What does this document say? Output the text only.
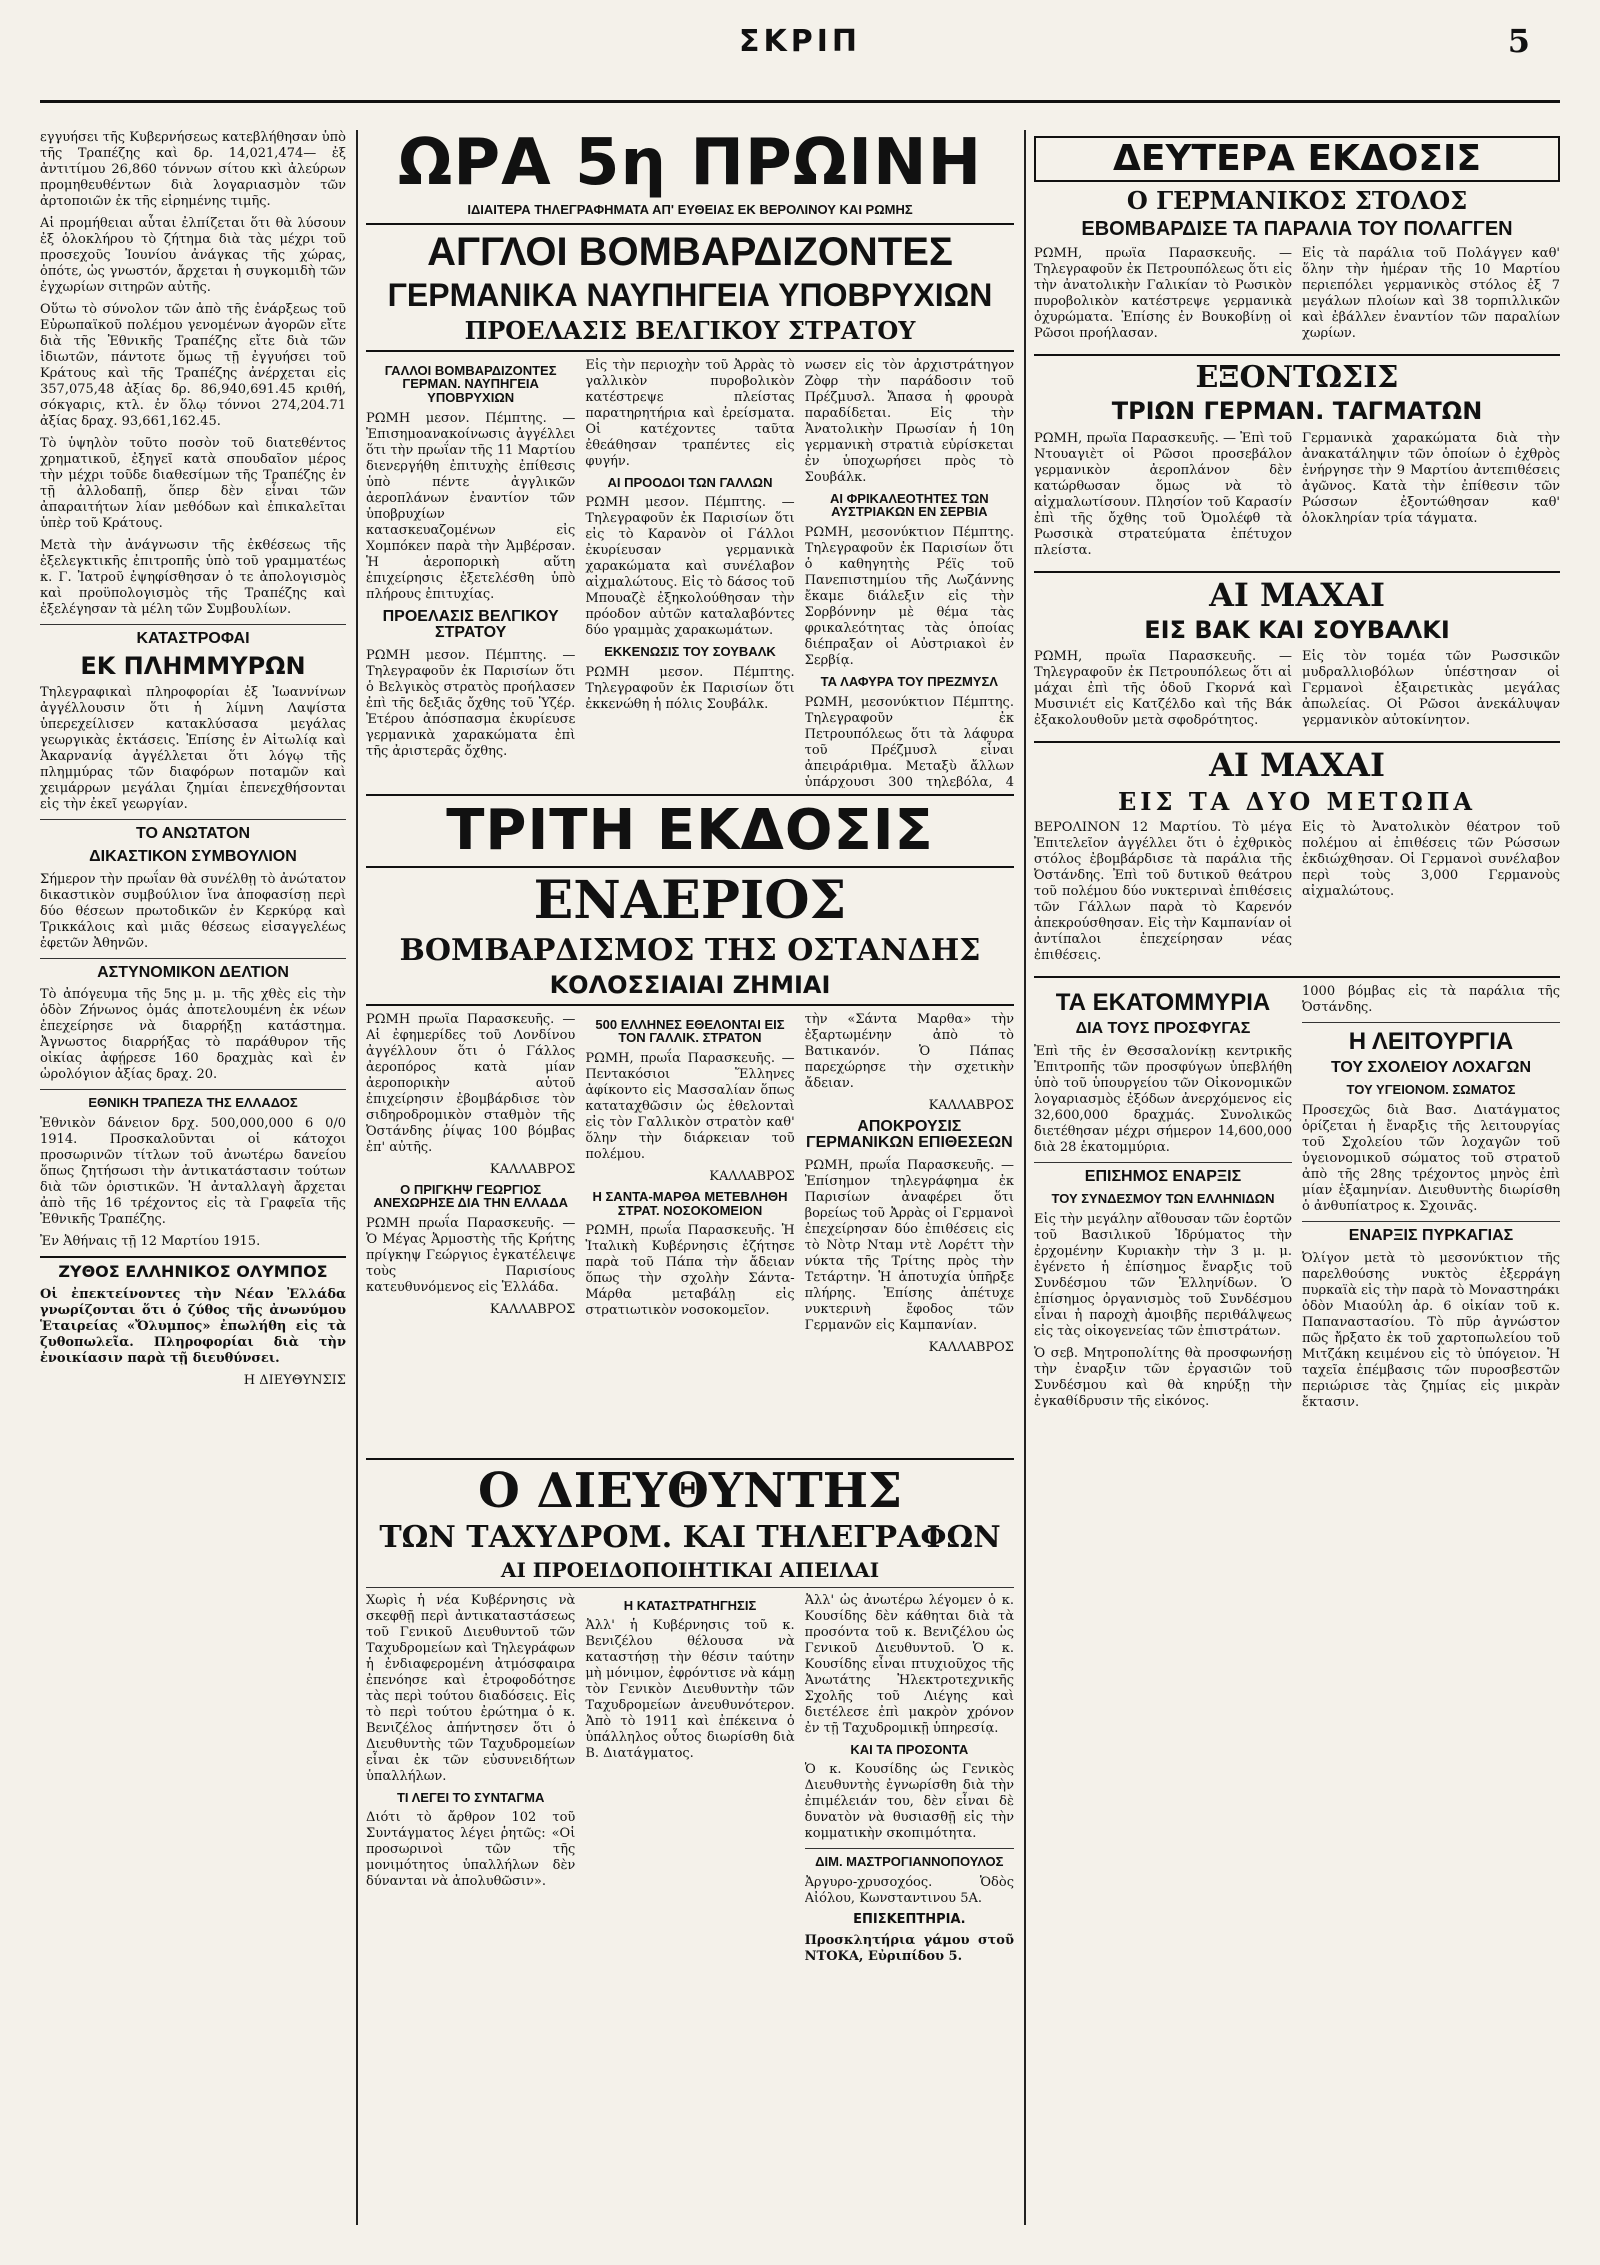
ΣΚΡΙΠ	5

εγγυήσει τῆς Κυβερνήσεως κατεβλήθησαν ὑπὸ τῆς Τραπέζης καὶ δρ. 14,021,474— ἐξ ἀντιτίμου 26,860 τόννων σίτου κκὶ ἀλεύρων προμηθευθέντων διὰ λογαριασμὸν τῶν ἀρτοποιῶν ἐκ τῆς εἰρημένης τιμῆς.

Αἱ προμήθειαι αὗται ἐλπίζεται ὅτι θὰ λύσουν ἐξ ὁλοκλήρου τὸ ζήτημα διὰ τὰς μέχρι τοῦ προσεχοῦς Ἰουνίου ἀνάγκας τῆς χώρας, ὁπότε, ὡς γνωστόν, ἄρχεται ἡ συγκομιδὴ τῶν ἐγχωρίων σιτηρῶν αὐτῆς.

Οὕτω τὸ σύνολον τῶν ἀπὸ τῆς ἐνάρξεως τοῦ Εὐρωπαϊκοῦ πολέμου γενομένων ἀγορῶν εἴτε διὰ τῆς Ἐθνικῆς Τραπέζης εἴτε διὰ τῶν ἰδιωτῶν, πάντοτε ὅμως τῇ ἐγγυήσει τοῦ Κράτους καὶ τῆς Τραπέζης ἀνέρχεται εἰς 357,075,48 ἀξίας δρ. 86,940,691.45 κριθή, σόκγαρις, κτλ. ἐν ὅλῳ τόννοι 274,204.71 ἀξίας δραχ. 93,661,162.45.

Τὸ ὑψηλὸν τοῦτο ποσὸν τοῦ διατεθέντος χρηματικοῦ, ἐξηγεῖ κατὰ σπουδαῖον μέρος τὴν μέχρι τοῦδε διαθεσίμων τῆς Τραπέζης ἐν τῇ ἀλλοδαπῇ, ὅπερ δὲν εἶναι τῶν ἀπαραιτήτων λίαν μεθόδων καὶ ἐπικαλεῖται ὑπὲρ τοῦ Κράτους.

Μετὰ τὴν ἀνάγνωσιν τῆς ἐκθέσεως τῆς ἐξελεγκτικῆς ἐπιτροπῆς ὑπὸ τοῦ γραμματέως κ. Γ. Ἰατροῦ ἐψηφίσθησαν ὁ τε ἀπολογισμὸς καὶ προϋπολογισμὸς τῆς Τραπέζης καὶ ἐξελέγησαν τὰ μέλη τῶν Συμβουλίων.

ΚΑΤΑΣΤΡΟΦΑΙ
ΕΚ ΠΛΗΜΜΥΡΩΝ

Τηλεγραφικαὶ πληροφορίαι ἐξ Ἰωαννίνων ἀγγέλλουσιν ὅτι ἡ λίμνη Λαψίστα ὑπερεχείλισεν κατακλύσασα μεγάλας γεωργικὰς ἐκτάσεις. Ἐπίσης ἐν Αἰτωλίᾳ καὶ Ἀκαρνανίᾳ ἀγγέλλεται ὅτι λόγῳ τῆς πλημμύρας τῶν διαφόρων ποταμῶν καὶ χειμάρρων μεγάλαι ζημίαι ἐπενεχθήσονται εἰς τὴν ἐκεῖ γεωργίαν.

ΤΟ ΑΝΩΤΑΤΟΝ
ΔΙΚΑΣΤΙΚΟΝ ΣΥΜΒΟΥΛΙΟΝ

Σήμερον τὴν πρωΐαν θὰ συνέλθῃ τὸ ἀνώτατον δικαστικὸν συμβούλιον ἵνα ἀποφασίσῃ περὶ δύο θέσεων πρωτοδικῶν ἐν Κερκύρᾳ καὶ Τρικκάλοις καὶ μιᾶς θέσεως εἰσαγγελέως ἐφετῶν Ἀθηνῶν.

ΑΣΤΥΝΟΜΙΚΟΝ ΔΕΛΤΙΟΝ

Τὸ ἀπόγευμα τῆς 5ης μ. μ. τῆς χθὲς εἰς τὴν ὁδὸν Ζήνωνος ὁμάς ἀποτελουμένη ἐκ νέων ἐπεχείρησε νὰ διαρρήξῃ κατάστημα. Ἀγνωστος διαρρήξας τὸ παράθυρον τῆς οἰκίας ἀφῄρεσε 160 δραχμὰς καὶ ἐν ὡρολόγιον ἀξίας δραχ. 20.

ΕΘΝΙΚΗ ΤΡΑΠΕΖΑ ΤΗΣ ΕΛΛΑΔΟΣ

Ἐθνικὸν δάνειον δρχ. 500,000,000 6 0/0 1914. Προσκαλοῦνται οἱ κάτοχοι προσωρινῶν τίτλων τοῦ ἀνωτέρω δανείου ὅπως ζητήσωσι τὴν ἀντικατάστασιν τούτων διὰ τῶν ὁριστικῶν. Ἡ ἀνταλλαγὴ ἄρχεται ἀπὸ τῆς 16 τρέχοντος εἰς τὰ Γραφεῖα τῆς Ἐθνικῆς Τραπέζης.

Ἐν Ἀθήναις τῇ 12 Μαρτίου 1915.

ΖΥΘΟΣ ΕΛΛΗΝΙΚΟΣ ΟΛΥΜΠΟΣ

Οἱ ἐπεκτείνοντες τὴν Νέαν Ἐλλάδα γνωρίζονται ὅτι ὁ ζύθος τῆς ἀνωνύμου Ἑταιρείας «Ὄλυμπος» ἐπωλήθη εἰς τὰ ζυθοπωλεῖα. Πληροφορίαι διὰ τὴν ἐνοικίασιν παρὰ τῇ διευθύνσει.

Η ΔΙΕΥΘΥΝΣΙΣ
ΩΡΑ 5η ΠΡΩΙΝΗ
ΙΔΙΑΙΤΕΡΑ ΤΗΛΕΓΡΑΦΗΜΑΤΑ ΑΠ' ΕΥΘΕΙΑΣ ΕΚ ΒΕΡΟΛΙΝΟΥ ΚΑΙ ΡΩΜΗΣ
ΑΓΓΛΟΙ ΒΟΜΒΑΡΔΙΖΟΝΤΕΣ
ΓΕΡΜΑΝΙΚΑ ΝΑΥΠΗΓΕΙΑ ΥΠΟΒΡΥΧΙΩΝ
ΠΡΟΕΛΑΣΙΣ ΒΕΛΓΙΚΟΥ ΣΤΡΑΤΟΥ
ΓΑΛΛΟΙ ΒΟΜΒΑΡΔΙΖΟΝΤΕΣ ΓΕΡΜΑΝ. ΝΑΥΠΗΓΕΙΑ ΥΠΟΒΡΥΧΙΩΝ

ΡΩΜΗ μεσον. Πέμπτης. — Ἐπισημοανακοίνωσις ἀγγέλλει ὅτι τὴν πρωΐαν τῆς 11 Μαρτίου διενεργήθη ἐπιτυχὴς ἐπίθεσις ὑπὸ πέντε ἀγγλικῶν ἀεροπλάνων ἐναντίον τῶν ὑποβρυχίων κατασκευαζομένων εἰς Χομπόκεν παρὰ τὴν Ἀμβέρσαν. Ἡ ἀεροπορικὴ αὕτη ἐπιχείρησις ἐξετελέσθη ὑπὸ πλήρους ἐπιτυχίας.

ΠΡΟΕΛΑΣΙΣ ΒΕΛΓΙΚΟΥ ΣΤΡΑΤΟΥ

ΡΩΜΗ μεσον. Πέμπτης. — Τηλεγραφοῦν ἐκ Παρισίων ὅτι ὁ Βελγικὸς στρατὸς προήλασεν ἐπὶ τῆς δεξιᾶς ὄχθης τοῦ Ὑζέρ. Ἑτέρου ἀπόσπασμα ἐκυρίευσε γερμανικὰ χαρακώματα ἐπὶ τῆς ἀριστερᾶς ὄχθης.

Εἰς τὴν περιοχὴν τοῦ Ἀρρὰς τὸ γαλλικὸν πυροβολικὸν κατέστρεψε πλείστας παρατηρητήρια καὶ ἐρείσματα. Οἱ κατέχοντες ταῦτα ἐθεάθησαν τραπέντες εἰς φυγήν.

ΑΙ ΠΡΟΟΔΟΙ ΤΩΝ ΓΑΛΛΩΝ

ΡΩΜΗ μεσον. Πέμπτης. — Τηλεγραφοῦν ἐκ Παρισίων ὅτι εἰς τὸ Καρανὸν οἱ Γάλλοι ἐκυρίευσαν γερμανικὰ χαρακώματα καὶ συνέλαβον αἰχμαλώτους. Εἰς τὸ δάσος τοῦ Μπουαζὲ ἐξηκολούθησαν τὴν πρόοδον αὐτῶν καταλαβόντες δύο γραμμὰς χαρακωμάτων.

ΕΚΚΕΝΩΣΙΣ ΤΟΥ ΣΟΥΒΑΛΚ

ΡΩΜΗ μεσον. Πέμπτης. Τηλεγραφοῦν ἐκ Παρισίων ὅτι ἐκκενώθη ἡ πόλις Σουβάλκ.

νωσεν εἰς τὸν ἀρχιστράτηγον Ζὸφρ τὴν παράδοσιν τοῦ Πρέζμυσλ. Ἄπασα ἡ φρουρὰ παραδίδεται. Εἰς τὴν Ἀνατολικὴν Πρωσίαν ἡ 10η γερμανικὴ στρατιὰ εὑρίσκεται ἐν ὑποχωρήσει πρὸς τὸ Σουβάλκ.

ΑΙ ΦΡΙΚΑΛΕΟΤΗΤΕΣ ΤΩΝ ΑΥΣΤΡΙΑΚΩΝ ΕΝ ΣΕΡΒΙΑ

ΡΩΜΗ, μεσονύκτιον Πέμπτης. Τηλεγραφοῦν ἐκ Παρισίων ὅτι ὁ καθηγητὴς Ρέϊς τοῦ Πανεπιστημίου τῆς Λωζάννης ἔκαμε διάλεξιν εἰς τὴν Σορβόννην μὲ θέμα τὰς φρικαλεότητας τὰς ὁποίας διέπραξαν οἱ Αὐστριακοὶ ἐν Σερβίᾳ.

ΤΑ ΛΑΦΥΡΑ ΤΟΥ ΠΡΕΖΜΥΣΛ

ΡΩΜΗ, μεσονύκτιον Πέμπτης. Τηλεγραφοῦν ἐκ Πετρουπόλεως ὅτι τὰ λάφυρα τοῦ Πρέζμυσλ εἶναι ἀπειράριθμα. Μεταξὺ ἄλλων ὑπάρχουσι 300 τηλεβόλα, 4

ΤΡΙΤΗ ΕΚΔΟΣΙΣ
ΕΝΑΕΡΙΟΣ
ΒΟΜΒΑΡΔΙΣΜΟΣ ΤΗΣ ΟΣΤΑΝΔΗΣ
ΚΟΛΟΣΣΙΑΙΑΙ ΖΗΜΙΑΙ

ΡΩΜΗ πρωΐα Παρασκευῆς. — Αἱ ἐφημερίδες τοῦ Λονδίνου ἀγγέλλουν ὅτι ὁ Γάλλος ἀεροπόρος κατὰ μίαν ἀεροπορικὴν αὐτοῦ ἐπιχείρησιν ἐβομβάρδισε τὸν σιδηροδρομικὸν σταθμὸν τῆς Ὀστάνδης ῥίψας 100 βόμβας ἐπ' αὐτῆς.

ΚΑΛΛΑΒΡΟΣ
Ο ΠΡΙΓΚΗΨ ΓΕΩΡΓΙΟΣ ΑΝΕΧΩΡΗΣΕ ΔΙΑ ΤΗΝ ΕΛΛΑΔΑ

ΡΩΜΗ πρωΐα Παρασκευῆς. — Ὁ Μέγας Ἀρμοστὴς τῆς Κρήτης πρίγκηψ Γεώργιος ἐγκατέλειψε τοὺς Παρισίους κατευθυνόμενος εἰς Ἑλλάδα.

ΚΑΛΛΑΒΡΟΣ
500 ΕΛΛΗΝΕΣ ΕΘΕΛΟΝΤΑΙ ΕΙΣ ΤΟΝ ΓΑΛΛΙΚ. ΣΤΡΑΤΟΝ

ΡΩΜΗ, πρωΐα Παρασκευῆς. — Πεντακόσιοι Ἕλληνες ἀφίκοντο εἰς Μασσαλίαν ὅπως καταταχθῶσιν ὡς ἐθελονταὶ εἰς τὸν Γαλλικὸν στρατὸν καθ' ὅλην τὴν διάρκειαν τοῦ πολέμου.

ΚΑΛΛΑΒΡΟΣ
Η ΣΑΝΤΑ-ΜΑΡΘΑ ΜΕΤΕΒΛΗΘΗ ΣΤΡΑΤ. ΝΟΣΟΚΟΜΕΙΟΝ

ΡΩΜΗ, πρωΐα Παρασκευῆς. Ἡ Ἰταλικὴ Κυβέρνησις ἐζήτησε παρὰ τοῦ Πάπα τὴν ἄδειαν ὅπως τὴν σχολὴν Σάντα-Μάρθα μεταβάλῃ εἰς στρατιωτικὸν νοσοκομεῖον.

τὴν «Σάντα Μαρθα» τὴν ἐξαρτωμένην ἀπὸ τὸ Βατικανόν. Ὁ Πάπας παρεχώρησε τὴν σχετικὴν ἄδειαν.

ΚΑΛΛΑΒΡΟΣ
ΑΠΟΚΡΟΥΣΙΣ ΓΕΡΜΑΝΙΚΩΝ ΕΠΙΘΕΣΕΩΝ

ΡΩΜΗ, πρωΐα Παρασκευῆς. — Ἐπίσημον τηλεγράφημα ἐκ Παρισίων ἀναφέρει ὅτι βορείως τοῦ Ἀρρὰς οἱ Γερμανοὶ ἐπεχείρησαν δύο ἐπιθέσεις εἰς τὸ Νὸτρ Νταμ ντὲ Λορέττ τὴν νύκτα τῆς Τρίτης πρὸς τὴν Τετάρτην. Ἡ ἀποτυχία ὑπῆρξε πλήρης. Ἐπίσης ἀπέτυχε νυκτερινὴ ἔφοδος τῶν Γερμανῶν εἰς Καμπανίαν.

ΚΑΛΛΑΒΡΟΣ
Ο ΔΙΕΥΘΥΝΤΗΣ
ΤΩΝ ΤΑΧΥΔΡΟΜ. ΚΑΙ ΤΗΛΕΓΡΑΦΩΝ
ΑΙ ΠΡΟΕΙΔΟΠΟΙΗΤΙΚΑΙ ΑΠΕΙΛΑΙ

Χωρὶς ἡ νέα Κυβέρνησις νὰ σκεφθῇ περὶ ἀντικαταστάσεως τοῦ Γενικοῦ Διευθυντοῦ τῶν Ταχυδρομείων καὶ Τηλεγράφων ἡ ἐνδιαφερομένη ἀτμόσφαιρα ἐπενόησε καὶ ἐτροφοδότησε τὰς περὶ τούτου διαδόσεις. Εἰς τὸ περὶ τούτου ἐρώτημα ὁ κ. Βενιζέλος ἀπήντησεν ὅτι ὁ Διευθυντὴς τῶν Ταχυδρομείων εἶναι ἐκ τῶν εὐσυνειδήτων ὑπαλλήλων.

ΤΙ ΛΕΓΕΙ ΤΟ ΣΥΝΤΑΓΜΑ

Διότι τὸ ἄρθρον 102 τοῦ Συντάγματος λέγει ῥητῶς: «Οἱ προσωρινοὶ τῶν τῆς μονιμότητος ὑπαλλήλων δὲν δύνανται νὰ ἀπολυθῶσιν».

Η ΚΑΤΑΣΤΡΑΤΗΓΗΣΙΣ

Ἀλλ' ἡ Κυβέρνησις τοῦ κ. Βενιζέλου θέλουσα νὰ καταστήσῃ τὴν θέσιν ταύτην μὴ μόνιμον, ἐφρόντισε νὰ κάμῃ τὸν Γενικὸν Διευθυντὴν τῶν Ταχυδρομείων ἀνευθυνότερον. Ἀπὸ τὸ 1911 καὶ ἐπέκεινα ὁ ὑπάλληλος οὗτος διωρίσθη διὰ Β. Διατάγματος.

Ἀλλ' ὡς ἀνωτέρω λέγομεν ὁ κ. Κουσίδης δὲν κάθηται διὰ τὰ προσόντα τοῦ κ. Βενιζέλου ὡς Γενικοῦ Διευθυντοῦ. Ὁ κ. Κουσίδης εἶναι πτυχιοῦχος τῆς Ἀνωτάτης Ἠλεκτροτεχνικῆς Σχολῆς τοῦ Λιέγης καὶ διετέλεσε ἐπὶ μακρὸν χρόνον ἐν τῇ Ταχυδρομικῇ ὑπηρεσίᾳ.

ΚΑΙ ΤΑ ΠΡΟΣΟΝΤΑ

Ὁ κ. Κουσίδης ὡς Γενικὸς Διευθυντὴς ἐγνωρίσθη διὰ τὴν ἐπιμέλειάν του, δὲν εἶναι δὲ δυνατὸν νὰ θυσιασθῇ εἰς τὴν κομματικὴν σκοπιμότητα.

ΔΙΜ. ΜΑΣΤΡΟΓΙΑΝΝΟΠΟΥΛΟΣ

Ἀργυρο-χρυσοχόος. Ὁδὸς Αἰόλου, Κωνσταντινου 5Α.

ΕΠΙΣΚΕΠΤΗΡΙΑ.

Προσκλητήρια γάμου στοῦ ΝΤΟΚΑ, Εὐριπίδου 5.

ΔΕΥΤΕΡΑ ΕΚΔΟΣΙΣ
Ο ΓΕΡΜΑΝΙΚΟΣ ΣΤΟΛΟΣ
ΕΒΟΜΒΑΡΔΙΣΕ ΤΑ ΠΑΡΑΛΙΑ ΤΟΥ ΠΟΛΑΓΓΕΝ

ΡΩΜΗ, πρωΐα Παρασκευῆς. — Τηλεγραφοῦν ἐκ Πετρουπόλεως ὅτι εἰς τὴν ἀνατολικὴν Γαλικίαν τὸ Ρωσικὸν πυροβολικὸν κατέστρεψε γερμανικὰ ὀχυρώματα. Ἐπίσης ἐν Βουκοβίνῃ οἱ Ρῶσοι προήλασαν.

Εἰς τὰ παράλια τοῦ Πολάγγεν καθ' ὅλην τὴν ἡμέραν τῆς 10 Μαρτίου περιεπόλει γερμανικὸς στόλος ἐξ 7 μεγάλων πλοίων καὶ 38 τορπιλλικῶν καὶ ἐβάλλεν ἐναντίον τῶν παραλίων χωρίων.

ΕΞΟΝΤΩΣΙΣ
ΤΡΙΩΝ ΓΕΡΜΑΝ. ΤΑΓΜΑΤΩΝ

ΡΩΜΗ, πρωΐα Παρασκευῆς. — Ἐπὶ τοῦ Ντουαγιὲτ οἱ Ρῶσοι προσεβάλον γερμανικὸν ἀεροπλάνον δὲν κατώρθωσαν ὅμως νὰ τὸ αἰχμαλωτίσουν. Πλησίον τοῦ Καρασίν ἐπὶ τῆς ὄχθης τοῦ Ὀμολέφθ τὰ Ρωσσικὰ στρατεύματα ἐπέτυχον πλείστα.

Γερμανικὰ χαρακώματα διὰ τὴν ἀνακατάληψιν τῶν ὁποίων ὁ ἐχθρὸς ἐνήργησε τὴν 9 Μαρτίου ἀντεπιθέσεις ἀγῶνος. Κατὰ τὴν ἐπίθεσιν τῶν Ρώσσων ἐξοντώθησαν καθ' ὁλοκληρίαν τρία τάγματα.

ΑΙ ΜΑΧΑΙ
ΕΙΣ ΒΑΚ ΚΑΙ ΣΟΥΒΑΛΚΙ

ΡΩΜΗ, πρωΐα Παρασκευῆς. — Τηλεγραφοῦν ἐκ Πετρουπόλεως ὅτι αἱ μάχαι ἐπὶ τῆς ὁδοῦ Γκορνά καὶ Μυσινιέτ εἰς Κατζέλδο καὶ τῆς Βάκ ἐξακολουθοῦν μετὰ σφοδρότητος.

Εἰς τὸν τομέα τῶν Ρωσσικῶν μυδραλλιοβόλων ὑπέστησαν οἱ Γερμανοὶ ἐξαιρετικὰς μεγάλας ἀπωλείας. Οἱ Ρῶσοι ἀνεκάλυψαν γερμανικὸν αὐτοκίνητον.

ΑΙ ΜΑΧΑΙ
ΕΙΣ ΤΑ ΔΥΟ ΜΕΤΩΠΑ

ΒΕΡΟΛΙΝΟΝ 12 Μαρτίου. Τὸ μέγα Ἐπιτελεῖον ἀγγέλλει ὅτι ὁ ἐχθρικὸς στόλος ἐβομβάρδισε τὰ παράλια τῆς Ὀστάνδης. Ἐπὶ τοῦ δυτικοῦ θεάτρου τοῦ πολέμου δύο νυκτεριναὶ ἐπιθέσεις τῶν Γάλλων παρὰ τὸ Καρενόν ἀπεκρούσθησαν. Εἰς τὴν Καμπανίαν οἱ ἀντίπαλοι ἐπεχείρησαν νέας ἐπιθέσεις.

Εἰς τὸ Ἀνατολικὸν θέατρον τοῦ πολέμου αἱ ἐπιθέσεις τῶν Ρώσσων ἐκδιώχθησαν. Οἱ Γερμανοὶ συνέλαβον περὶ τοὺς 3,000 Γερμανοὺς αἰχμαλώτους.

ΤΑ ΕΚΑΤΟΜΜΥΡΙΑ
ΔΙΑ ΤΟΥΣ ΠΡΟΣΦΥΓΑΣ

Ἐπὶ τῆς ἐν Θεσσαλονίκῃ κεντρικῆς Ἐπιτροπῆς τῶν προσφύγων ὑπεβλήθη ὑπὸ τοῦ ὑπουργείου τῶν Οἰκονομικῶν λογαριασμὸς ἐξόδων ἀνερχόμενος εἰς 32,600,000 δραχμάς. Συνολικῶς διετέθησαν μέχρι σήμερον 14,600,000 διὰ 28 ἑκατομμύρια.

ΕΠΙΣΗΜΟΣ ΕΝΑΡΞΙΣ
ΤΟΥ ΣΥΝΔΕΣΜΟΥ ΤΩΝ ΕΛΛΗΝΙΔΩΝ

Εἰς τὴν μεγάλην αἴθουσαν τῶν ἑορτῶν τοῦ Βασιλικοῦ Ἱδρύματος τὴν ἐρχομένην Κυριακὴν τὴν 3 μ. μ. ἐγένετο ἡ ἐπίσημος ἔναρξις τοῦ Συνδέσμου τῶν Ἑλληνίδων. Ὁ ἐπίσημος ὀργανισμὸς τοῦ Συνδέσμου εἶναι ἡ παροχὴ ἀμοιβῆς περιθάλψεως εἰς τὰς οἰκογενείας τῶν ἐπιστράτων.

Ὁ σεβ. Μητροπολίτης θὰ προσφωνήσῃ τὴν ἐναρξιν τῶν ἐργασιῶν τοῦ Συνδέσμου καὶ θὰ κηρύξῃ τὴν ἐγκαθίδρυσιν τῆς εἰκόνος.

1000 βόμβας εἰς τὰ παράλια τῆς Ὀστάνδης.

Η ΛΕΙΤΟΥΡΓΙΑ
ΤΟΥ ΣΧΟΛΕΙΟΥ ΛΟΧΑΓΩΝ
ΤΟΥ ΥΓΕΙΟΝΟΜ. ΣΩΜΑΤΟΣ

Προσεχῶς διὰ Βασ. Διατάγματος ὁρίζεται ἡ ἔναρξις τῆς λειτουργίας τοῦ Σχολείου τῶν λοχαγῶν τοῦ ὑγειονομικοῦ σώματος τοῦ στρατοῦ ἀπὸ τῆς 28ης τρέχοντος μηνὸς ἐπὶ μίαν ἑξαμηνίαν. Διευθυντὴς διωρίσθη ὁ ἀνθυπίατρος κ. Σχοινᾶς.

ΕΝΑΡΞΙΣ ΠΥΡΚΑΓΙΑΣ

Ὀλίγον μετὰ τὸ μεσονύκτιον τῆς παρελθούσης νυκτὸς ἐξερράγη πυρκαϊὰ εἰς τὴν παρὰ τὸ Μοναστηράκι ὁδὸν Μιαούλη ἀρ. 6 οἰκίαν τοῦ κ. Παπαναστασίου. Τὸ πῦρ ἀγνώστον πῶς ἤρξατο ἐκ τοῦ χαρτοπωλείου τοῦ Μιτζάκη κειμένου εἰς τὸ ὑπόγειον. Ἡ ταχεῖα ἐπέμβασις τῶν πυροσβεστῶν περιώρισε τὰς ζημίας εἰς μικρὰν ἔκτασιν.
